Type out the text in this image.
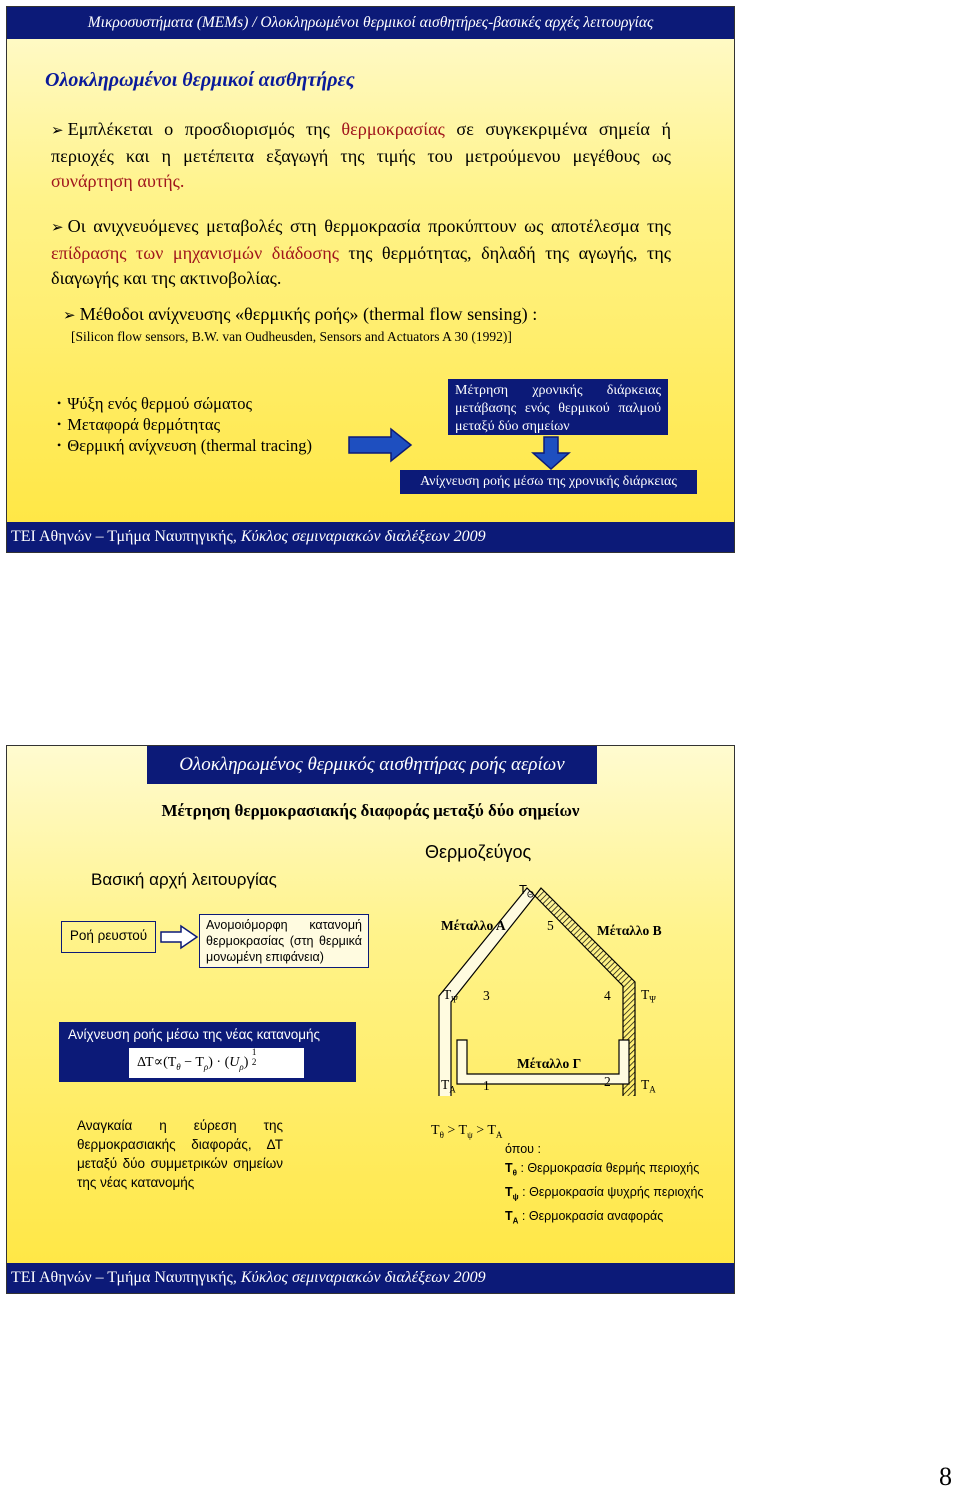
Μικροσυστήματα (MEMs) / Ολοκληρωμένοι θερμικοί αισθητήρες-βασικές αρχές λειτουργίας
Ολοκληρωμένοι θερμικοί αισθητήρες
➢ Εμπλέκεται ο προσδιορισμός της θερμοκρασίας σε συγκεκριμένα σημεία ή περιοχές και η μετέπειτα εξαγωγή της τιμής του μετρούμενου μεγέθους ως συνάρτηση αυτής.
➢ Οι ανιχνευόμενες μεταβολές στη θερμοκρασία προκύπτουν ως αποτέλεσμα της επίδρασης των μηχανισμών διάδοσης της θερμότητας, δηλαδή της αγωγής, της διαγωγής και της ακτινοβολίας.
➢ Μέθοδοι ανίχνευσης «θερμικής ροής» (thermal flow sensing) :
[Silicon flow sensors, B.W. van Oudheusden, Sensors and Actuators A 30 (1992)]
• Ψύξη ενός θερμού σώματος
• Μεταφορά θερμότητας
• Θερμική ανίχνευση (thermal tracing)
Μέτρηση χρονικής διάρκειας μετάβασης ενός θερμικού παλμού μεταξύ δύο σημείων
Ανίχνευση ροής μέσω της χρονικής διάρκειας
ΤΕΙ Αθηνών – Τμήμα Ναυπηγικής, Κύκλος σεμιναριακών διαλέξεων 2009
Ολοκληρωμένος θερμικός αισθητήρας ροής αερίων
Μέτρηση θερμοκρασιακής διαφοράς μεταξύ δύο σημείων
Βασική αρχή λειτουργίας
Ροή ρευστού
Ανομοιόμορφη κατανομή θερμοκρασίας (στη θερμικά μονωμένη επιφάνεια)
Ανίχνευση ροής μέσω της νέας κατανομής
$\Delta T\propto(T_\theta - T_\rho) \cdot (U_\rho)$ 1
2
Αναγκαία η εύρεση της θερμοκρασιακής διαφοράς, ΔΤ μεταξύ δύο συμμετρικών σημείων της νέας κατανομής
Θερμοζεύγος
$T_\Theta$
Μέταλλο Α	5	Μέταλλο Β
$T_\Psi$ 3	4 $T_\Psi$
Μέταλλο Γ
$T_A$ 1	2 $T_A$
$T_\theta > T_\psi > T_A$
όπου :
$T_\theta$ : Θερμοκρασία θερμής περιοχής
$T_\psi$ : Θερμοκρασία ψυχρής περιοχής
$T_A$ : Θερμοκρασία αναφοράς
ΤΕΙ Αθηνών – Τμήμα Ναυπηγικής, Κύκλος σεμιναριακών διαλέξεων 2009
8
